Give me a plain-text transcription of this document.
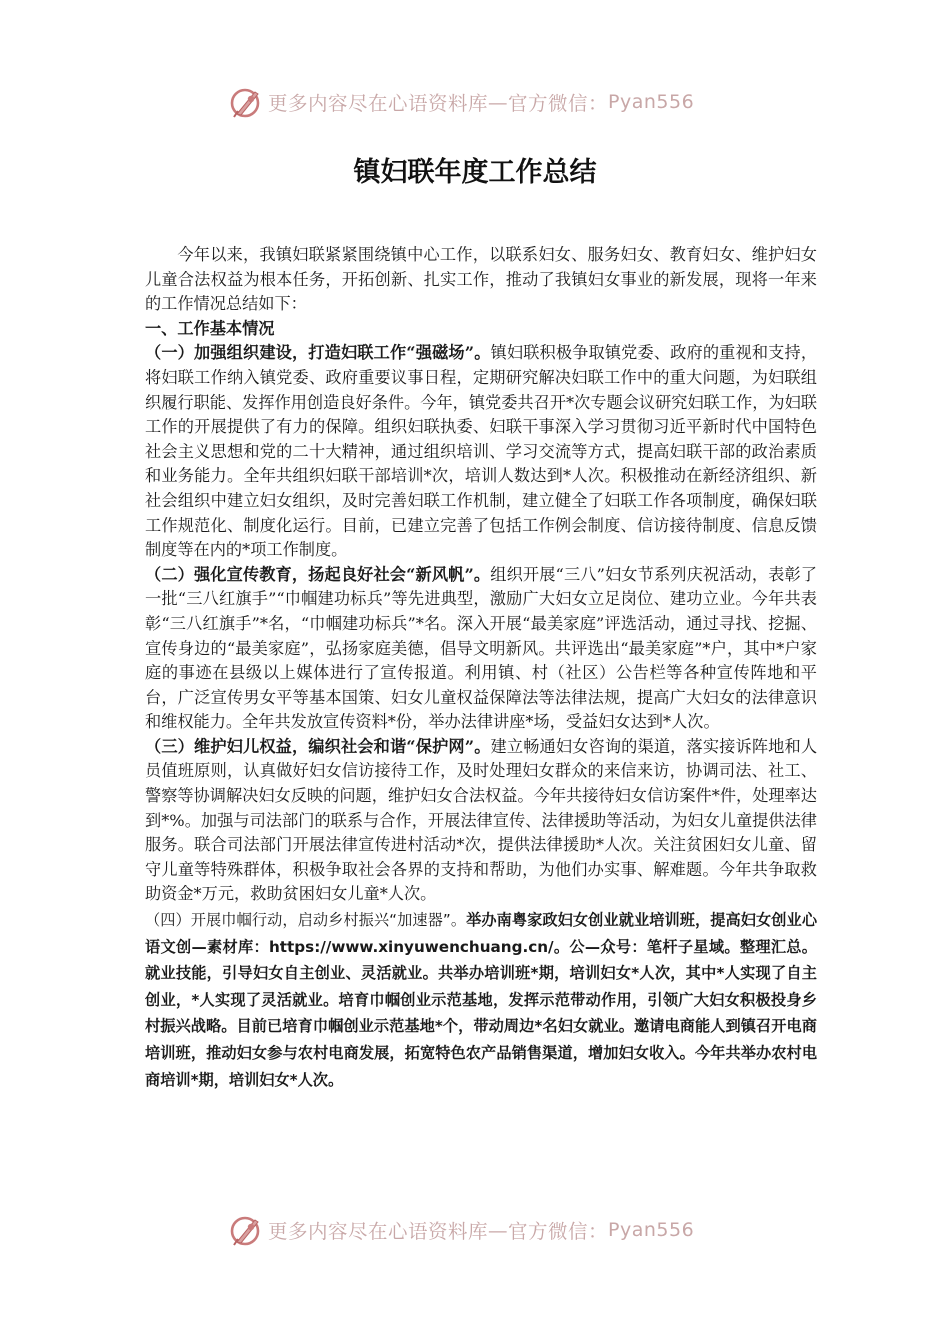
更多内容尽在心语资料库 — 官方微信： Pyan556
镇妇联年度工作总结

今年以来，我镇妇联紧紧围绕镇中心工作，以联系妇女、服务妇女、教育妇女、维护妇女儿童合法权益为根本任务，开拓创新、扎实工作，推动了我镇妇女事业的新发展，现将一年来的工作情况总结如下：

一、工作基本情况

（一）加强组织建设，打造妇联工作“强磁场”。镇妇联积极争取镇党委、政府的重视和支持，将妇联工作纳入镇党委、政府重要议事日程，定期研究解决妇联工作中的重大问题，为妇联组织履行职能、发挥作用创造良好条件。今年，镇党委共召开*次专题会议研究妇联工作，为妇联工作的开展提供了有力的保障。组织妇联执委、妇联干事深入学习贯彻习近平新时代中国特色社会主义思想和党的二十大精神，通过组织培训、学习交流等方式，提高妇联干部的政治素质和业务能力。全年共组织妇联干部培训*次，培训人数达到*人次。积极推动在新经济组织、新社会组织中建立妇女组织，及时完善妇联工作机制，建立健全了妇联工作各项制度，确保妇联工作规范化、制度化运行。目前，已建立完善了包括工作例会制度、信访接待制度、信息反馈制度等在内的*项工作制度。

（二）强化宣传教育，扬起良好社会“新风帆”。组织开展“三八”妇女节系列庆祝活动，表彰了一批“三八红旗手”“巾帼建功标兵”等先进典型，激励广大妇女立足岗位、建功立业。今年共表彰“三八红旗手”*名，“巾帼建功标兵”*名。深入开展“最美家庭”评选活动，通过寻找、挖掘、宣传身边的“最美家庭”，弘扬家庭美德，倡导文明新风。共评选出“最美家庭”*户，其中*户家庭的事迹在县级以上媒体进行了宣传报道。利用镇、村（社区）公告栏等各种宣传阵地和平台，广泛宣传男女平等基本国策、妇女儿童权益保障法等法律法规，提高广大妇女的法律意识和维权能力。全年共发放宣传资料*份，举办法律讲座*场，受益妇女达到*人次。

（三）维护妇儿权益，编织社会和谐“保护网”。建立畅通妇女咨询的渠道，落实接诉阵地和人员值班原则，认真做好妇女信访接待工作，及时处理妇女群众的来信来访，协调司法、社工、警察等协调解决妇女反映的问题，维护妇女合法权益。今年共接待妇女信访案件*件，处理率达到*%。加强与司法部门的联系与合作，开展法律宣传、法律援助等活动，为妇女儿童提供法律服务。联合司法部门开展法律宣传进村活动*次，提供法律援助*人次。关注贫困妇女儿童、留守儿童等特殊群体，积极争取社会各界的支持和帮助，为他们办实事、解难题。今年共争取救助资金*万元，救助贫困妇女儿童*人次。

（四）开展巾帼行动，启动乡村振兴“加速器”。举办南粤家政妇女创业就业培训班，提高妇女创业心语文创—素材库：https://www.xinyuwenchuang.cn/。公—众号：笔杆子星域。整理汇总。就业技能，引导妇女自主创业、灵活就业。共举办培训班*期，培训妇女*人次，其中*人实现了自主创业，*人实现了灵活就业。培育巾帼创业示范基地，发挥示范带动作用，引领广大妇女积极投身乡村振兴战略。目前已培育巾帼创业示范基地*个，带动周边*名妇女就业。邀请电商能人到镇召开电商培训班，推动妇女参与农村电商发展，拓宽特色农产品销售渠道，增加妇女收入。今年共举办农村电商培训*期，培训妇女*人次。

更多内容尽在心语资料库 — 官方微信： Pyan556
